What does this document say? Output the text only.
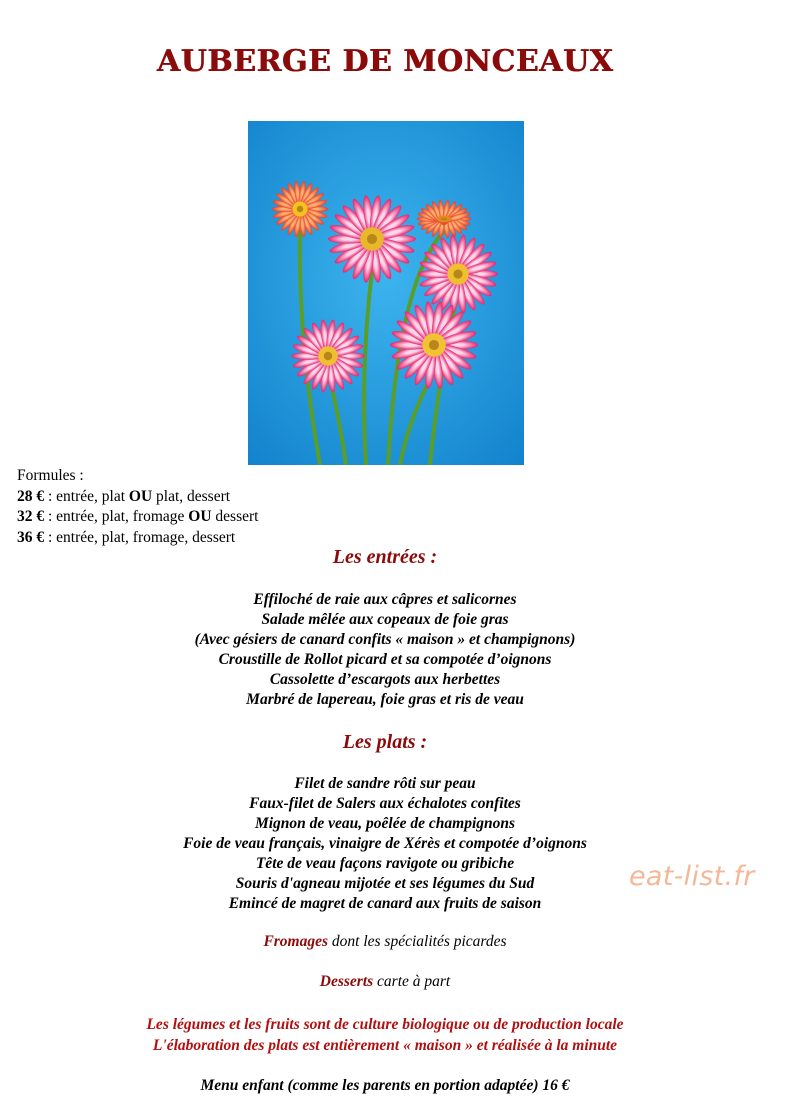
AUBERGE DE MONCEAUX
Formules :
28 € : entrée, plat OU plat, dessert
32 € : entrée, plat, fromage OU dessert
36 € : entrée, plat, fromage, dessert
Les entrées :
Effiloché de raie aux câpres et salicornes
Salade mêlée aux copeaux de foie gras
(Avec gésiers de canard confits « maison » et champignons)
Croustille de Rollot picard et sa compotée d’oignons
Cassolette d’escargots aux herbettes
Marbré de lapereau, foie gras et ris de veau
Les plats :
Filet de sandre rôti sur peau
Faux-filet de Salers aux échalotes confites
Mignon de veau, poêlée de champignons
Foie de veau français, vinaigre de Xérès et compotée d’oignons
Tête de veau façons ravigote ou gribiche
Souris d'agneau mijotée et ses légumes du Sud
Emincé de magret de canard aux fruits de saison
Fromages dont les spécialités picardes
Desserts carte à part
Les légumes et les fruits sont de culture biologique ou de production locale
L'élaboration des plats est entièrement « maison » et réalisée à la minute
Menu enfant (comme les parents en portion adaptée) 16 €
eat-list.fr
